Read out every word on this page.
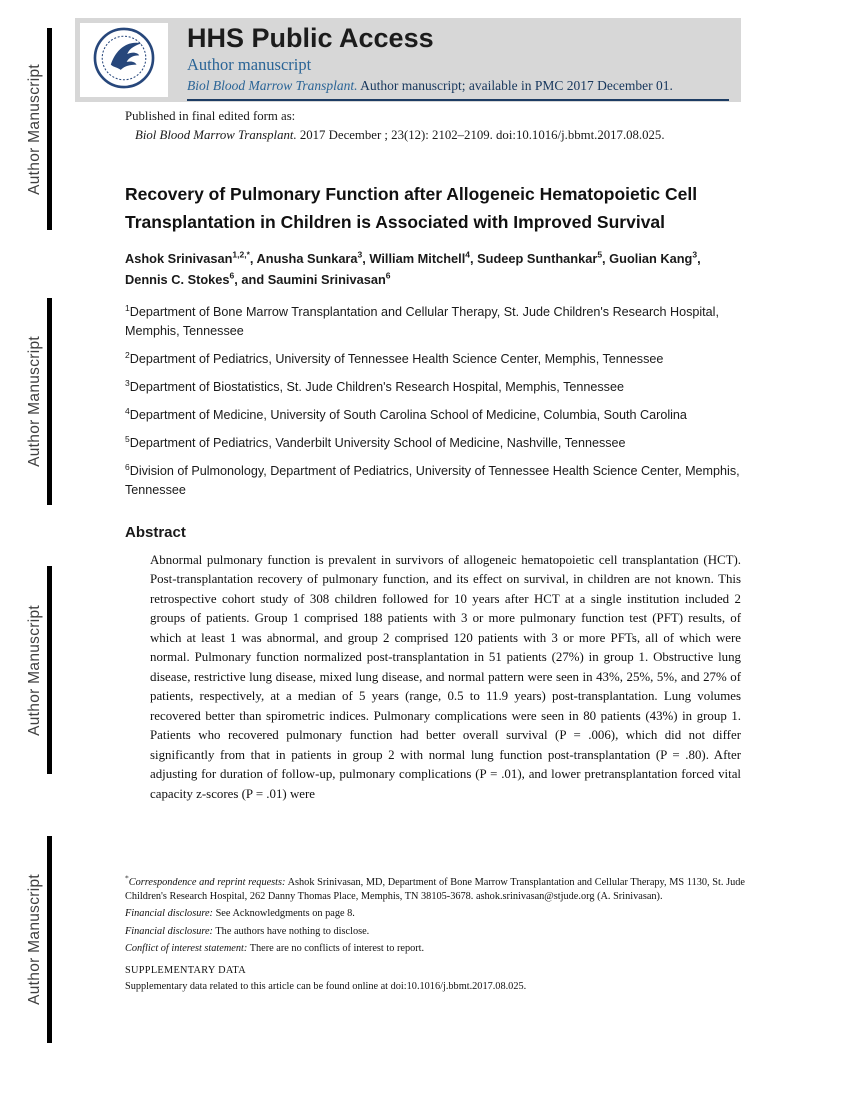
Author Manuscript
Author Manuscript
Author Manuscript
Author Manuscript
HHS Public Access
Author manuscript
Biol Blood Marrow Transplant. Author manuscript; available in PMC 2017 December 01.

Published in final edited form as:

Biol Blood Marrow Transplant. 2017 December ; 23(12): 2102–2109. doi:10.1016/j.bbmt.2017.08.025.

Recovery of Pulmonary Function after Allogeneic Hematopoietic Cell Transplantation in Children is Associated with Improved Survival

Ashok Srinivasan$^{1,2,*}$, Anusha Sunkara$^3$, William Mitchell$^4$, Sudeep Sunthankar$^5$, Guolian Kang$^3$, Dennis C. Stokes$^6$, and Saumini Srinivasan$^6$

$^1$Department of Bone Marrow Transplantation and Cellular Therapy, St. Jude Children's Research Hospital, Memphis, Tennessee

$^2$Department of Pediatrics, University of Tennessee Health Science Center, Memphis, Tennessee

$^3$Department of Biostatistics, St. Jude Children's Research Hospital, Memphis, Tennessee

$^4$Department of Medicine, University of South Carolina School of Medicine, Columbia, South Carolina

$^5$Department of Pediatrics, Vanderbilt University School of Medicine, Nashville, Tennessee

$^6$Division of Pulmonology, Department of Pediatrics, University of Tennessee Health Science Center, Memphis, Tennessee

Abstract

Abnormal pulmonary function is prevalent in survivors of allogeneic hematopoietic cell transplantation (HCT). Post-transplantation recovery of pulmonary function, and its effect on survival, in children are not known. This retrospective cohort study of 308 children followed for 10 years after HCT at a single institution included 2 groups of patients. Group 1 comprised 188 patients with 3 or more pulmonary function test (PFT) results, of which at least 1 was abnormal, and group 2 comprised 120 patients with 3 or more PFTs, all of which were normal. Pulmonary function normalized post-transplantation in 51 patients (27%) in group 1. Obstructive lung disease, restrictive lung disease, mixed lung disease, and normal pattern were seen in 43%, 25%, 5%, and 27% of patients, respectively, at a median of 5 years (range, 0.5 to 11.9 years) post-transplantation. Lung volumes recovered better than spirometric indices. Pulmonary complications were seen in 80 patients (43%) in group 1. Patients who recovered pulmonary function had better overall survival (P = .006), which did not differ significantly from that in patients in group 2 with normal lung function post-transplantation (P = .80). After adjusting for duration of follow-up, pulmonary complications (P = .01), and lower pretransplantation forced vital capacity z-scores (P = .01) were

*Correspondence and reprint requests: Ashok Srinivasan, MD, Department of Bone Marrow Transplantation and Cellular Therapy, MS 1130, St. Jude Children's Research Hospital, 262 Danny Thomas Place, Memphis, TN 38105-3678. ashok.srinivasan@stjude.org (A. Srinivasan).

Financial disclosure: See Acknowledgments on page 8.

Financial disclosure: The authors have nothing to disclose.

Conflict of interest statement: There are no conflicts of interest to report.

SUPPLEMENTARY DATA

Supplementary data related to this article can be found online at doi:10.1016/j.bbmt.2017.08.025.
